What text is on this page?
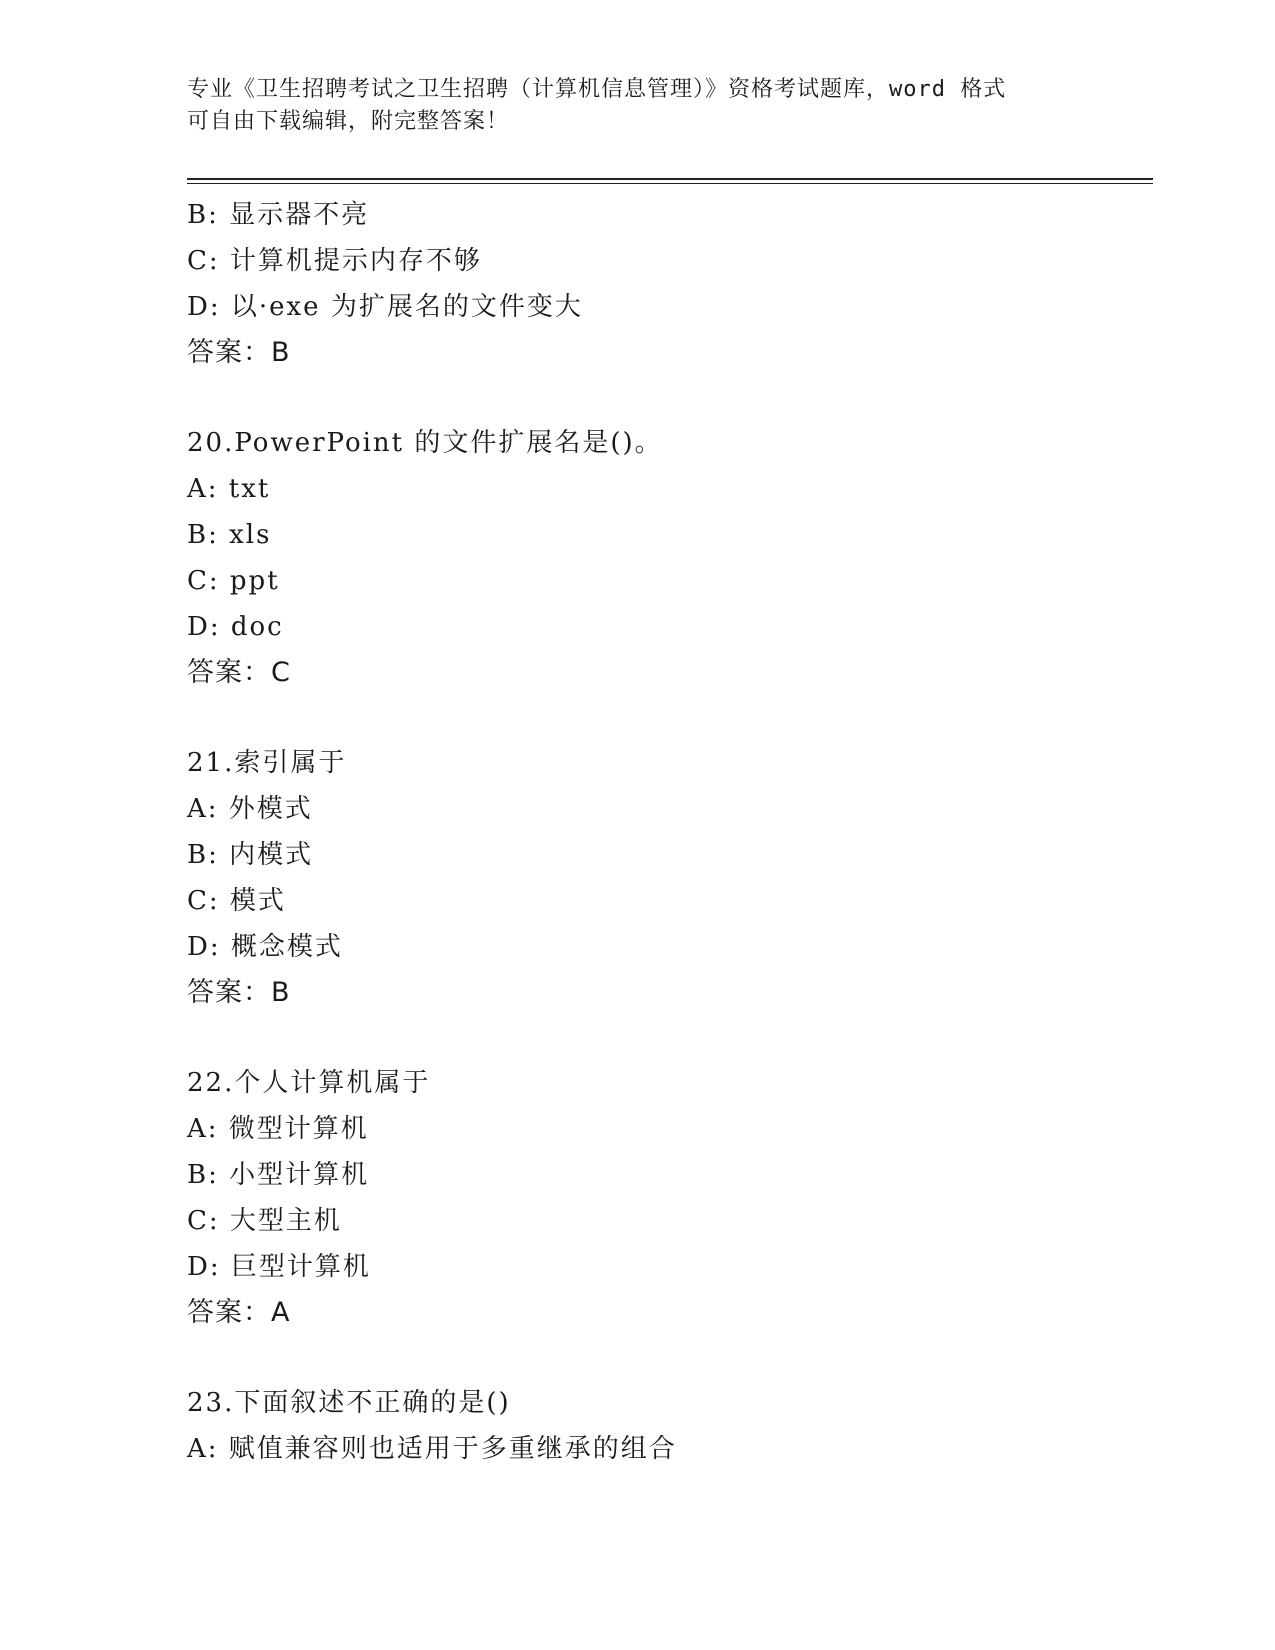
专业《卫生招聘考试之卫生招聘（计算机信息管理）》资格考试题库，word 格式
可自由下载编辑，附完整答案！
B: 显示器不亮
C: 计算机提示内存不够
D: 以·exe 为扩展名的文件变大
答案：B
20.PowerPoint 的文件扩展名是()。
A: txt
B: xls
C: ppt
D: doc
答案：C
21.索引属于
A: 外模式
B: 内模式
C: 模式
D: 概念模式
答案：B
22.个人计算机属于
A: 微型计算机
B: 小型计算机
C: 大型主机
D: 巨型计算机
答案：A
23.下面叙述不正确的是()
A: 赋值兼容则也适用于多重继承的组合
